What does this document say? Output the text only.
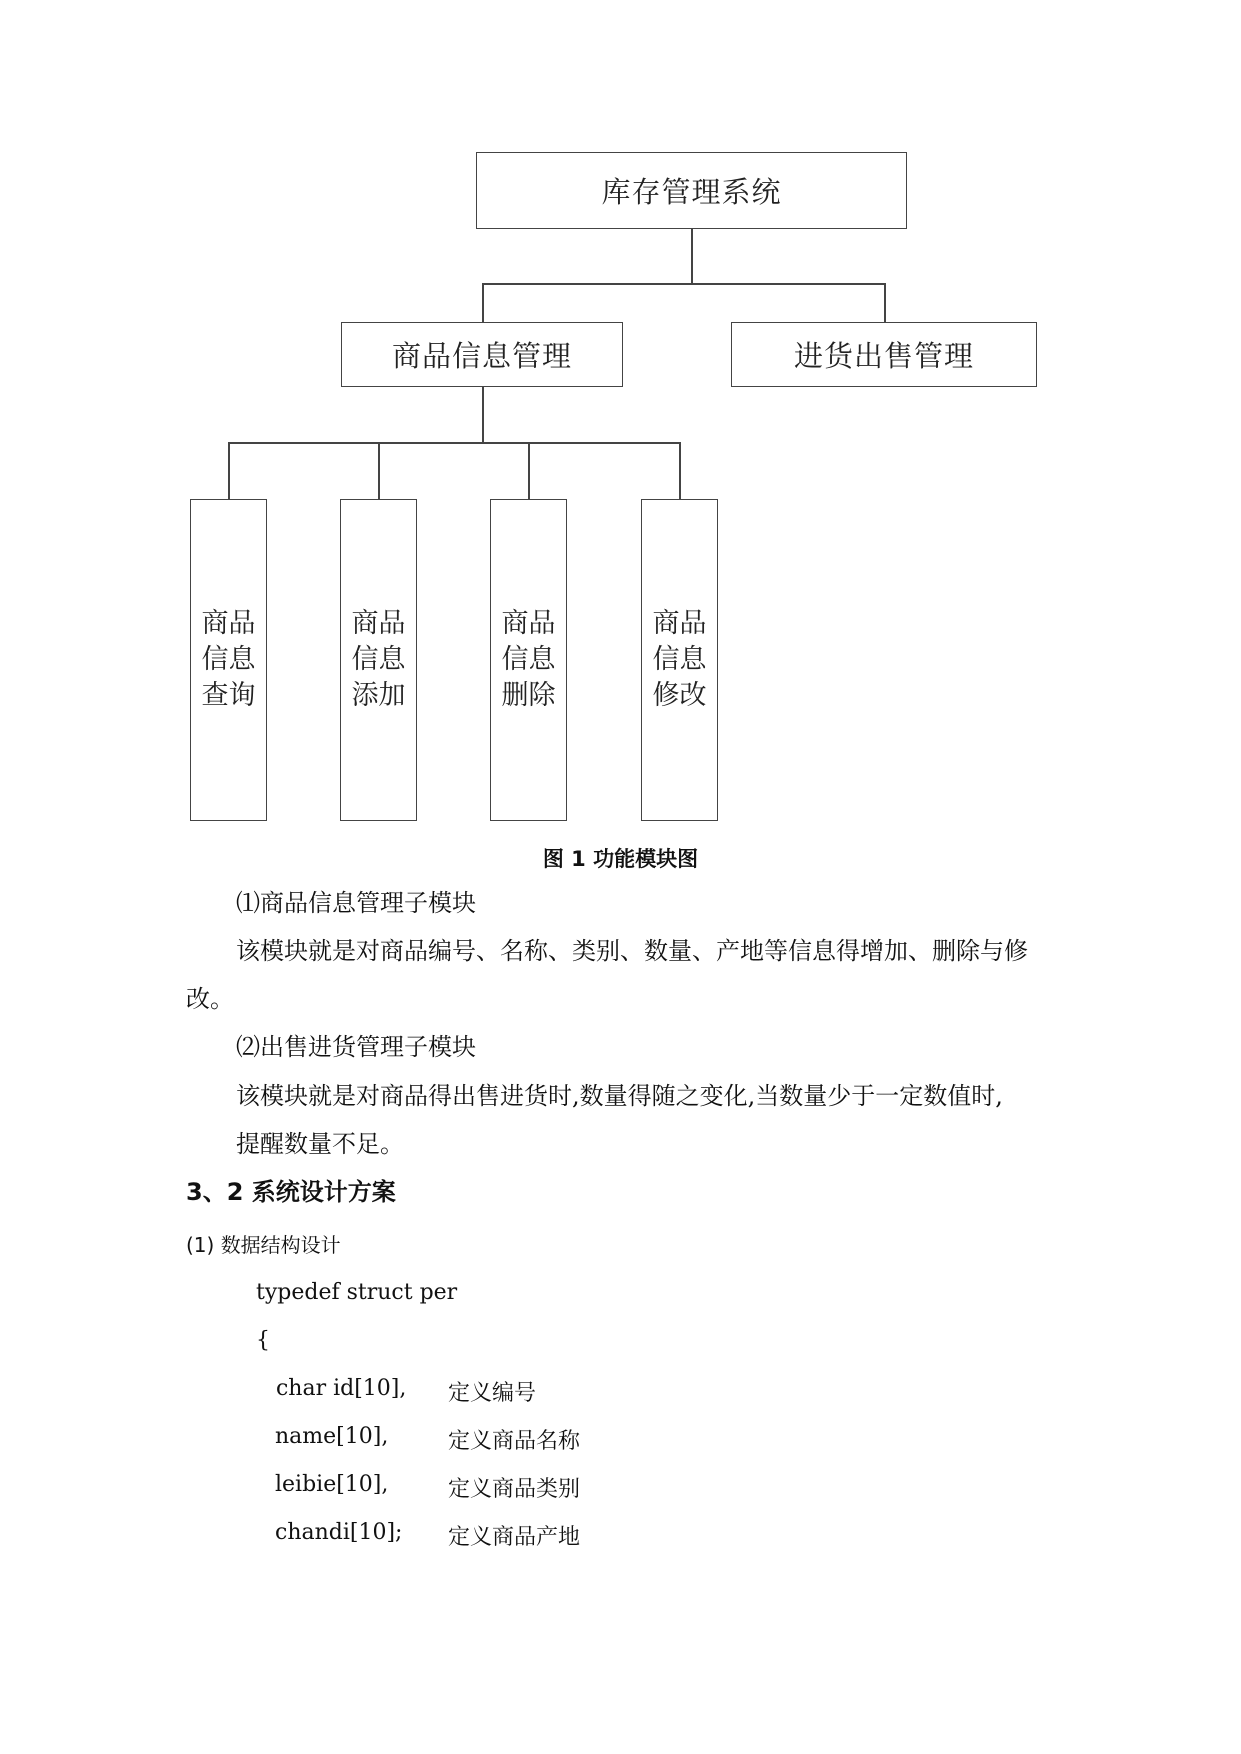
库存管理系统
商品信息管理	进货出售管理
商品信息查询
商品信息添加
商品信息删除
商品信息修改
图 1 功能模块图
⑴商品信息管理子模块
该模块就是对商品编号、名称、类别、数量、产地等信息得增加、删除与修
改。
⑵出售进货管理子模块
该模块就是对商品得出售进货时,数量得随之变化,当数量少于一定数值时,
提醒数量不足。
3、2 系统设计方案
(1) 数据结构设计
typedef struct per
{
char id[10], 定义编号
name[10],	定义商品名称
leibie[10],	定义商品类别
chandi[10]; 定义商品产地
